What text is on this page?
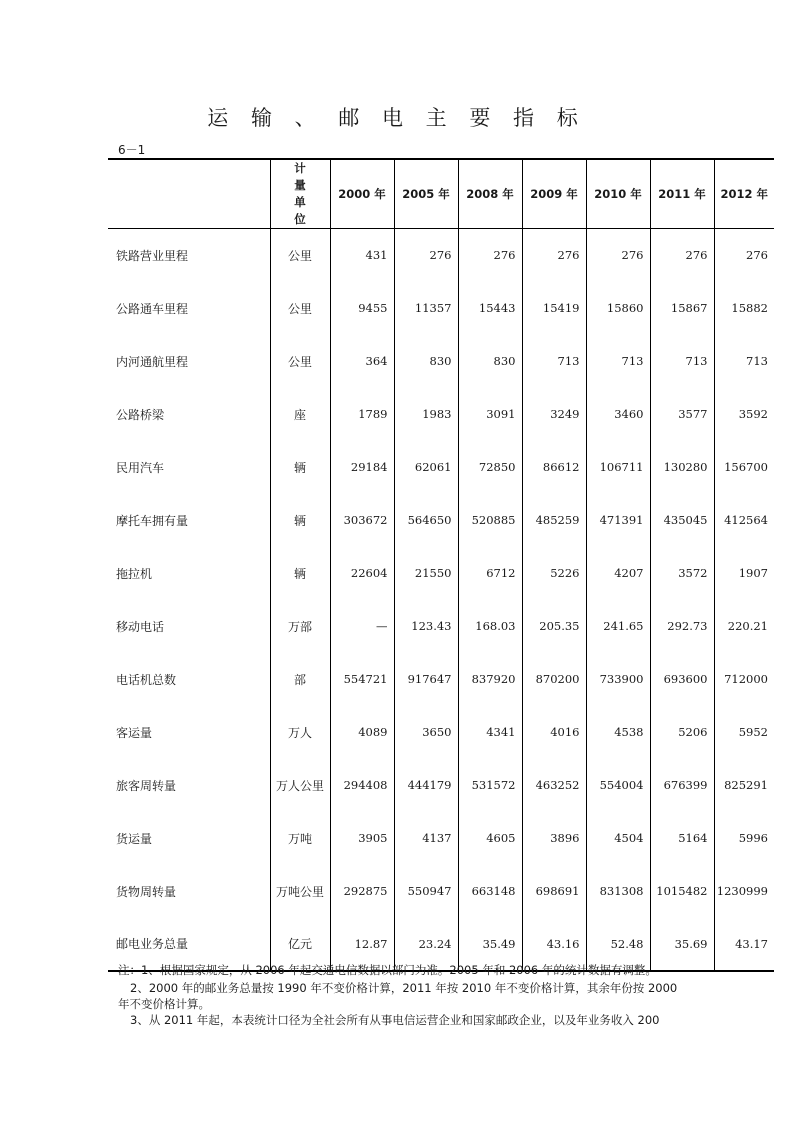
运 输 、 邮 电 主 要 指 标
6－1

	计 量
单 位	2000 年	2005 年	2008 年	2009 年	2010 年	2011 年	2012 年
铁路营业里程	公里	431	276	276	276	276	276	276
公路通车里程	公里	9455	11357	15443	15419	15860	15867	15882
内河通航里程	公里	364	830	830	713	713	713	713
公路桥梁	座	1789	1983	3091	3249	3460	3577	3592
民用汽车	辆	29184	62061	72850	86612	106711	130280	156700
摩托车拥有量	辆	303672	564650	520885	485259	471391	435045	412564
拖拉机	辆	22604	21550	6712	5226	4207	3572	1907
移动电话	万部	—	123.43	168.03	205.35	241.65	292.73	220.21
电话机总数	部	554721	917647	837920	870200	733900	693600	712000
客运量	万人	4089	3650	4341	4016	4538	5206	5952
旅客周转量	万人公里	294408	444179	531572	463252	554004	676399	825291
货运量	万吨	3905	4137	4605	3896	4504	5164	5996
货物周转量	万吨公里	292875	550947	663148	698691	831308	1015482	1230999
邮电业务总量	亿元	12.87	23.24	35.49	43.16	52.48	35.69	43.17
注：1、根据国家规定，从 2006 年起交通电信数据以部门为准。2005 年和 2006 年的统计数据有调整。
2、2000 年的邮业务总量按 1990 年不变价格计算，2011 年按 2010 年不变价格计算，其余年份按 2000
年不变价格计算。
3、从 2011 年起，本表统计口径为全社会所有从事电信运营企业和国家邮政企业，以及年业务收入 200
